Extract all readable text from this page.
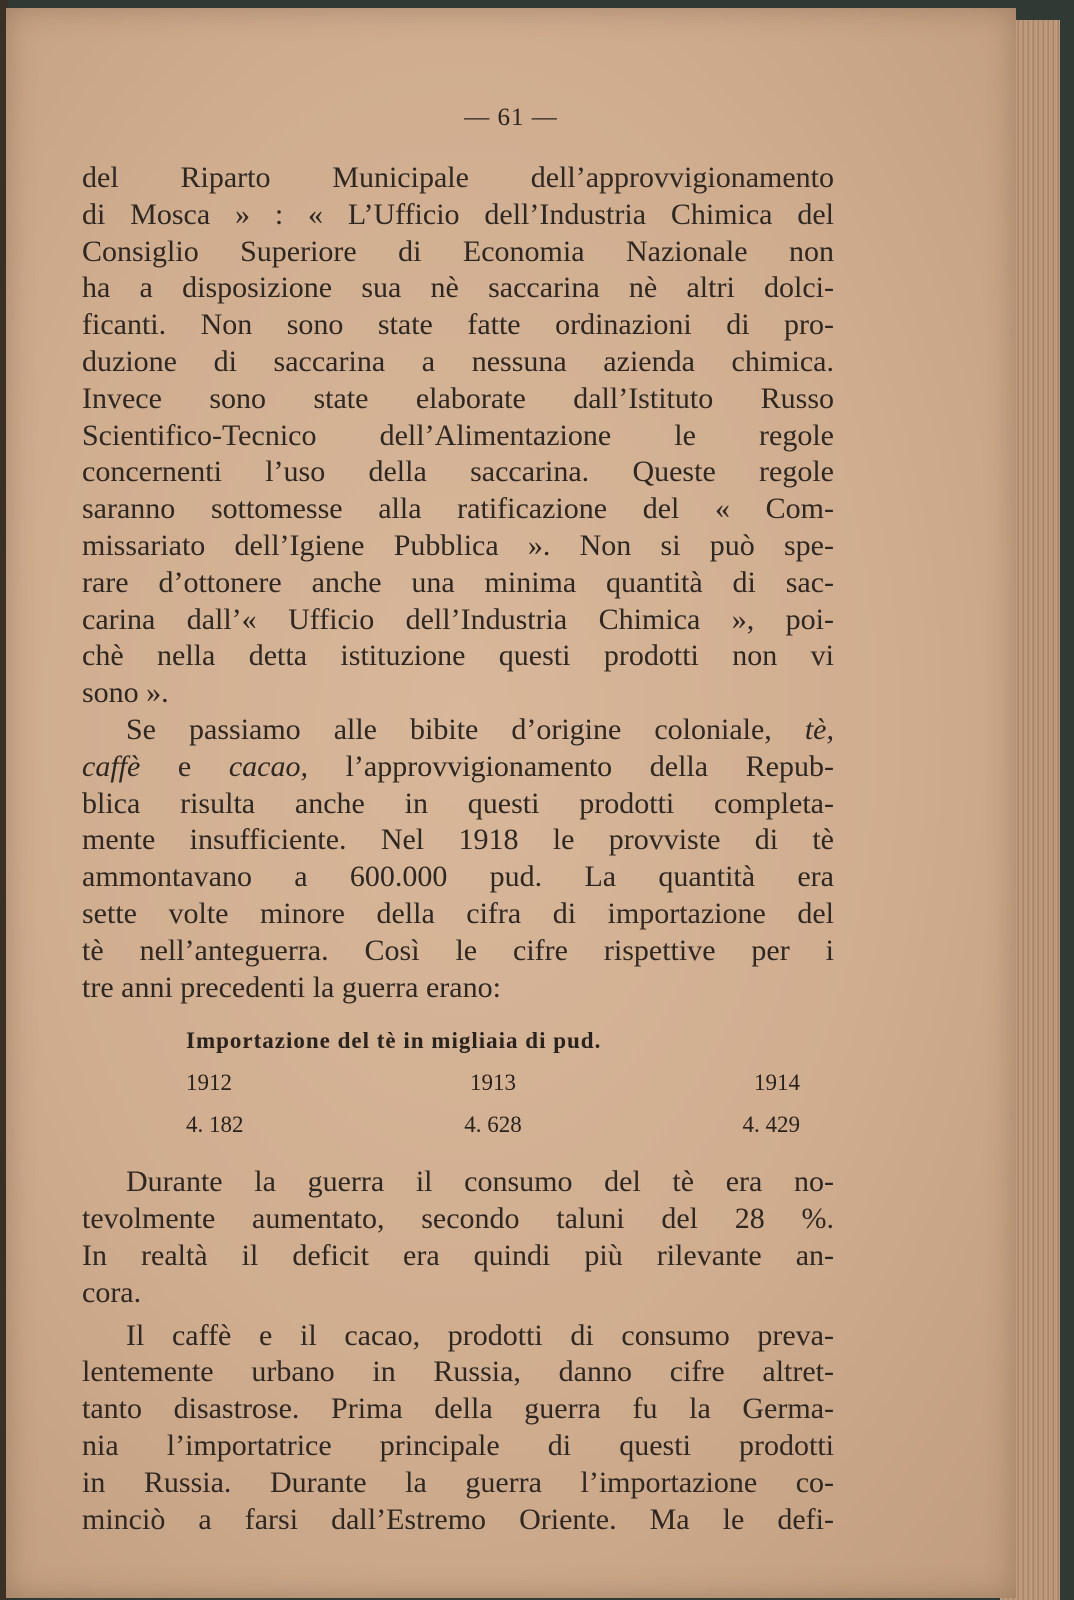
— 61 —

del Riparto Municipale dell’approvvigionamento
di Mosca » : « L’Ufficio dell’Industria Chimica del
Consiglio Superiore di Economia Nazionale non
ha a disposizione sua nè saccarina nè altri dolci-
ficanti. Non sono state fatte ordinazioni di pro-
duzione di saccarina a nessuna azienda chimica.
Invece sono state elaborate dall’Istituto Russo
Scientifico-Tecnico dell’Alimentazione le regole
concernenti l’uso della saccarina. Queste regole
saranno sottomesse alla ratificazione del « Com-
missariato dell’Igiene Pubblica ». Non si può spe-
rare d’ottonere anche una minima quantità di sac-
carina dall’« Ufficio dell’Industria Chimica », poi-
chè nella detta istituzione questi prodotti non vi
sono ».

Se passiamo alle bibite d’origine coloniale, tè,
caffè e cacao, l’approvvigionamento della Repub-
blica risulta anche in questi prodotti completa-
mente insufficiente. Nel 1918 le provviste di tè
ammontavano a 600.000 pud. La quantità era
sette volte minore della cifra di importazione del
tè nell’anteguerra. Così le cifre rispettive per i
tre anni precedenti la guerra erano:

Importazione del tè in migliaia di pud.
1912	1913	1914
4. 182	4. 628	4. 429

Durante la guerra il consumo del tè era no-
tevolmente aumentato, secondo taluni del 28 %.
In realtà il deficit era quindi più rilevante an-
cora.

Il caffè e il cacao, prodotti di consumo preva-
lentemente urbano in Russia, danno cifre altret-
tanto disastrose. Prima della guerra fu la Germa-
nia l’importatrice principale di questi prodotti
in Russia. Durante la guerra l’importazione co-
minciò a farsi dall’Estremo Oriente. Ma le defi-
